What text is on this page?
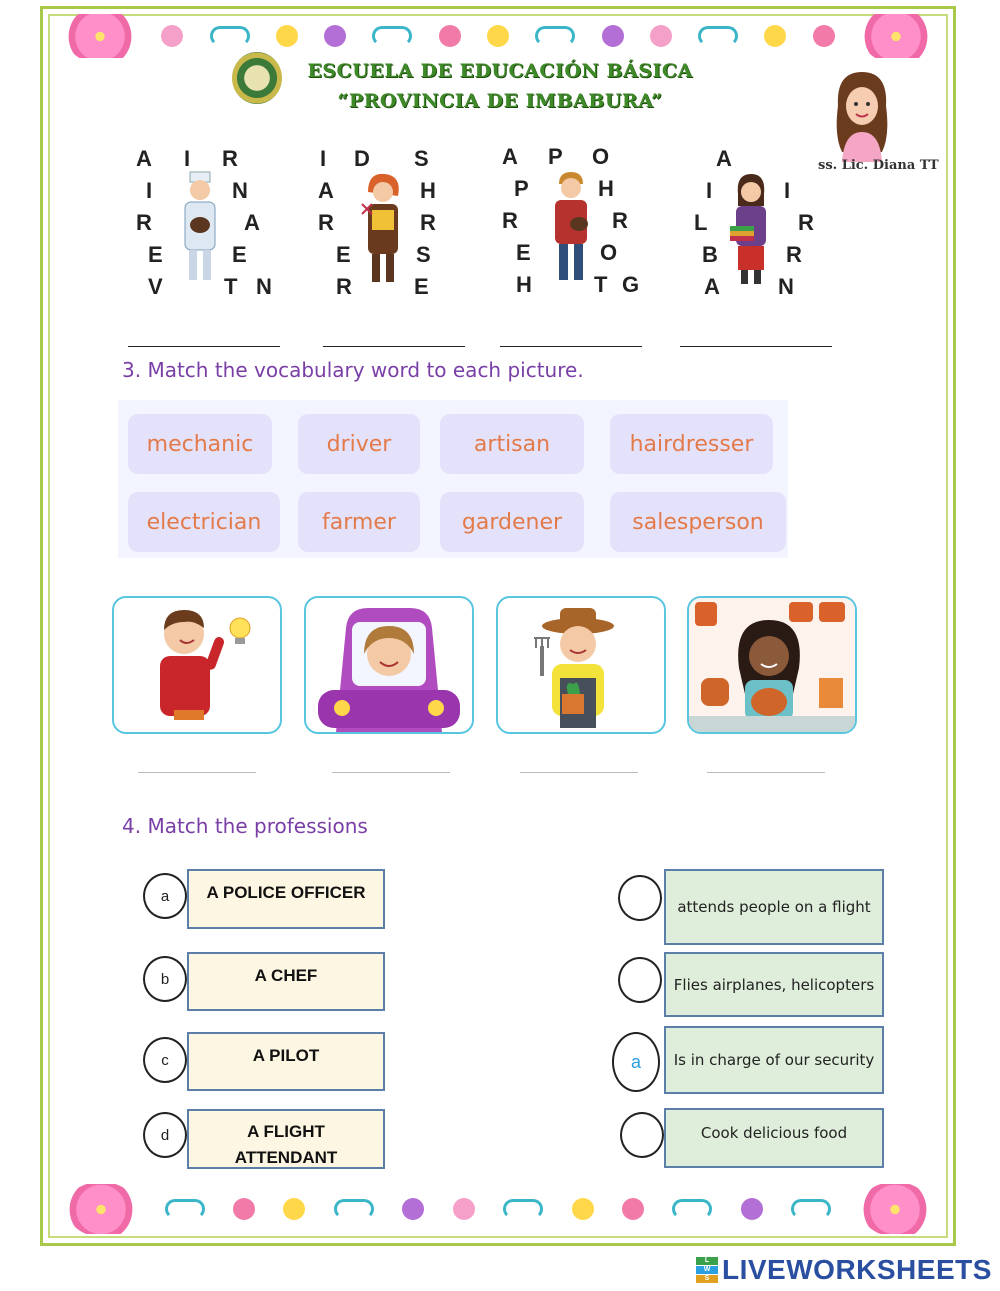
ESCUELA DE EDUCACIÓN BÁSICA
“PROVINCIA DE IMBABURA”
ss. Lic. Diana TT
A I R
I	N
R	A
E	E
V	T N
I D S
A	H
R	R
E	S
R	E
A P O
P	H
R	R
E	O
H	T G
A
I	I
L	R
B	R
A	N
3. Match the vocabulary word to each picture.
mechanic	driver	artisan	hairdresser
electrician	farmer	gardener	salesperson
4. Match the professions
a	A POLICE OFFICER
b	A CHEF
c	A PILOT
d	A FLIGHT ATTENDANT
attends people on a flight
Flies airplanes, helicopters
a	Is in charge of our security
Cook delicious food
L
W
S LIVEWORKSHEETS
